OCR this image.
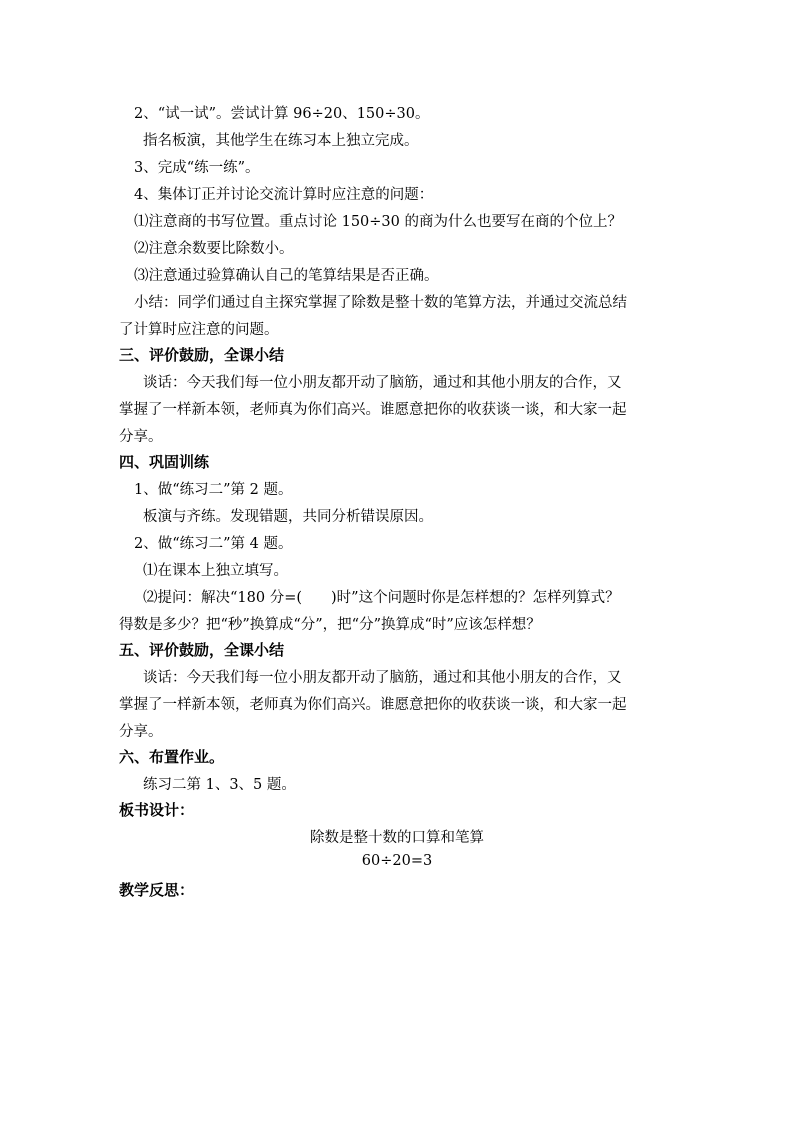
2、“试一试”。尝试计算 96÷20、150÷30。
指名板演，其他学生在练习本上独立完成。
3、完成“练一练”。
4、集体订正并讨论交流计算时应注意的问题：
⑴注意商的书写位置。重点讨论 150÷30 的商为什么也要写在商的个位上？
⑵注意余数要比除数小。
⑶注意通过验算确认自己的笔算结果是否正确。
小结：同学们通过自主探究掌握了除数是整十数的笔算方法，并通过交流总结
了计算时应注意的问题。
三、评价鼓励，全课小结
谈话：今天我们每一位小朋友都开动了脑筋，通过和其他小朋友的合作，又
掌握了一样新本领，老师真为你们高兴。谁愿意把你的收获谈一谈，和大家一起
分享。
四、巩固训练
1、做“练习二”第 2 题。
板演与齐练。发现错题，共同分析错误原因。
2、做“练习二”第 4 题。
⑴在课本上独立填写。
⑵提问：解决“180 分=(　　)时”这个问题时你是怎样想的？怎样列算式？
得数是多少？把“秒”换算成“分”，把“分”换算成“时”应该怎样想？
五、评价鼓励，全课小结
谈话：今天我们每一位小朋友都开动了脑筋，通过和其他小朋友的合作，又
掌握了一样新本领，老师真为你们高兴。谁愿意把你的收获谈一谈，和大家一起
分享。
六、布置作业。
练习二第 1、3、5 题。
板书设计：
除数是整十数的口算和笔算
60÷20=3
教学反思：
